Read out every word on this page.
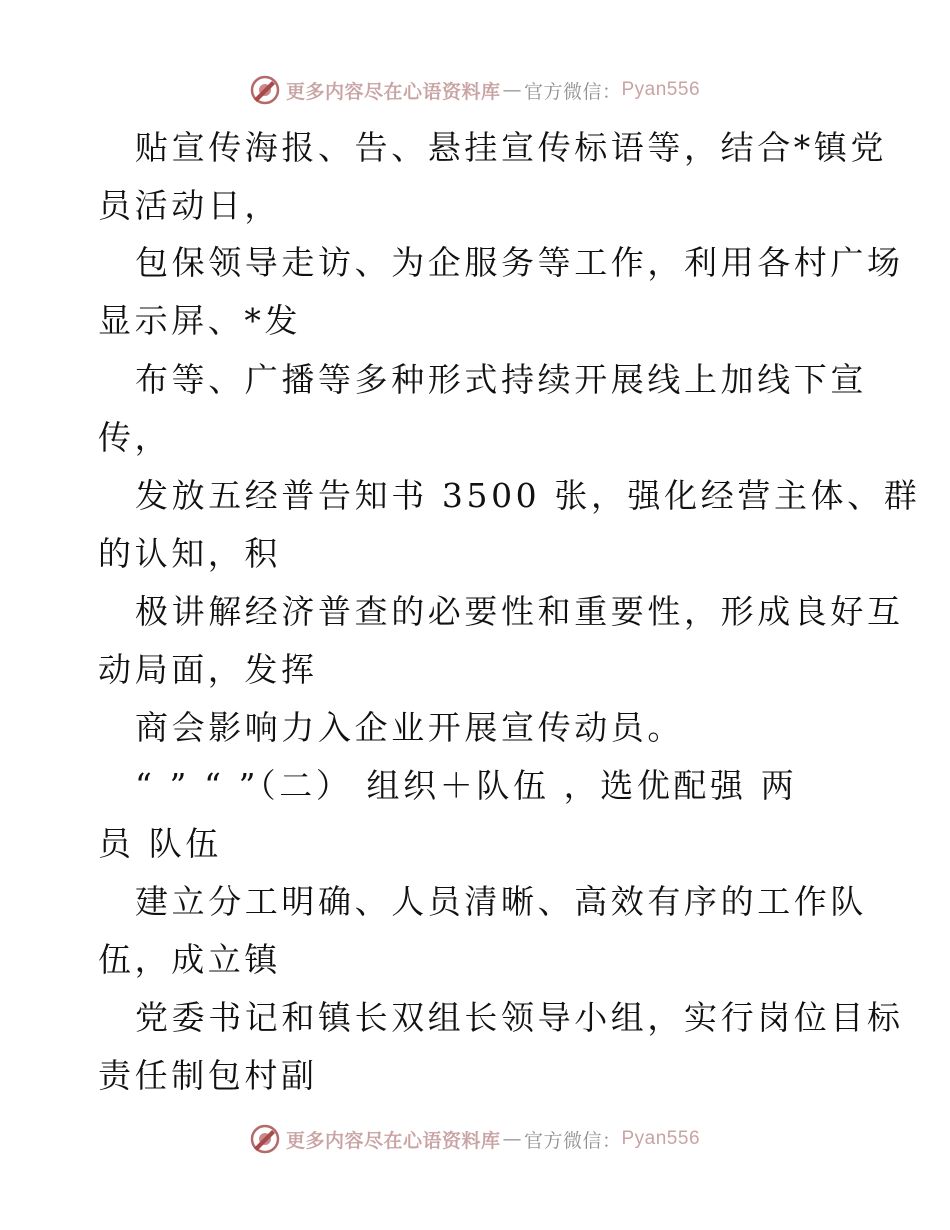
更多内容尽在心语资料库 — 官方微信： Pyan556
贴宣传海报、告、悬挂宣传标语等，结合*镇党
员活动日，
包保领导走访、为企服务等工作，利用各村广场
显示屏、*发
布等、广播等多种形式持续开展线上加线下宣
传，
发放五经普告知书 3500 张，强化经营主体、群
的认知，积
极讲解经济普查的必要性和重要性，形成良好互
动局面，发挥
商会影响力入企业开展宣传动员。
“ ” “ ”（二） 组织＋队伍 ，选优配强 两
员 队伍
建立分工明确、人员清晰、高效有序的工作队
伍，成立镇
党委书记和镇长双组长领导小组，实行岗位目标
责任制包村副
更多内容尽在心语资料库 — 官方微信： Pyan556
